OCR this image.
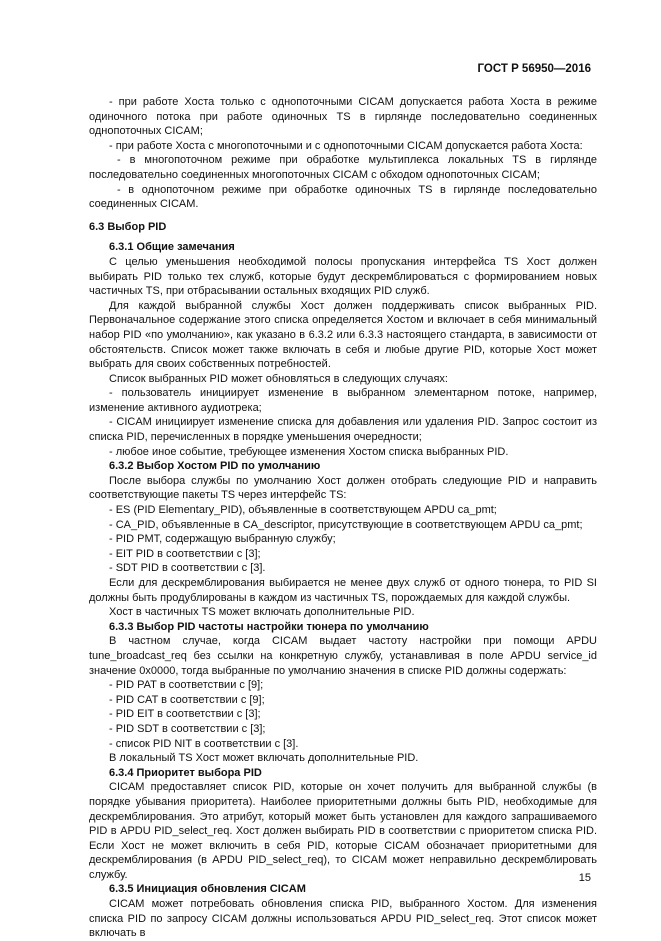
ГОСТ Р 56950—2016

- при работе Хоста только с однопоточными CICAM допускается работа Хоста в режиме одиночного потока при работе одиночных TS в гирлянде последовательно соединенных однопоточных CICAM;

- при работе Хоста с многопоточными и с однопоточными CICAM допускается работа Хоста:

- в многопоточном режиме при обработке мультиплекса локальных TS в гирлянде последовательно соединенных многопоточных CICAM с обходом однопоточных CICAM;

- в однопоточном режиме при обработке одиночных TS в гирлянде последовательно соединенных CICAM.

6.3 Выбор PID

6.3.1 Общие замечания

С целью уменьшения необходимой полосы пропускания интерфейса TS Хост должен выбирать PID только тех служб, которые будут дескремблироваться с формированием новых частичных TS, при отбрасывании остальных входящих PID служб.

Для каждой выбранной службы Хост должен поддерживать список выбранных PID. Первоначальное содержание этого списка определяется Хостом и включает в себя минимальный набор PID «по умолчанию», как указано в 6.3.2 или 6.3.3 настоящего стандарта, в зависимости от обстоятельств. Список может также включать в себя и любые другие PID, которые Хост может выбрать для своих собственных потребностей.

Список выбранных PID может обновляться в следующих случаях:

- пользователь инициирует изменение в выбранном элементарном потоке, например, изменение активного аудиотрека;

- CICAM инициирует изменение списка для добавления или удаления PID. Запрос состоит из списка PID, перечисленных в порядке уменьшения очередности;

- любое иное событие, требующее изменения Хостом списка выбранных PID.

6.3.2 Выбор Хостом PID по умолчанию

После выбора службы по умолчанию Хост должен отобрать следующие PID и направить соответствующие пакеты TS через интерфейс TS:

- ES (PID Elementary_PID), объявленные в соответствующем APDU ca_pmt;

- CA_PID, объявленные в CA_descriptor, присутствующие в соответствующем APDU ca_pmt;

- PID PMT, содержащую выбранную службу;

- EIT PID в соответствии с [3];

- SDT PID в соответствии с [3].

Если для дескремблирования выбирается не менее двух служб от одного тюнера, то PID SI должны быть продублированы в каждом из частичных TS, порождаемых для каждой службы.

Хост в частичных TS может включать дополнительные PID.

6.3.3 Выбор PID частоты настройки тюнера по умолчанию

В частном случае, когда CICAM выдает частоту настройки при помощи APDU tune_broadcast_req без ссылки на конкретную службу, устанавливая в поле APDU service_id значение 0x0000, тогда выбранные по умолчанию значения в списке PID должны содержать:

- PID PAT в соответствии с [9];

- PID CAT в соответствии с [9];

- PID EIT в соответствии с [3];

- PID SDT в соответствии с [3];

- список PID NIT в соответствии с [3].

В локальный TS Хост может включать дополнительные PID.

6.3.4 Приоритет выбора PID

CICAM предоставляет список PID, которые он хочет получить для выбранной службы (в порядке убывания приоритета). Наиболее приоритетными должны быть PID, необходимые для дескремблирования. Это атрибут, который может быть установлен для каждого запрашиваемого PID в APDU PID_select_req. Хост должен выбирать PID в соответствии с приоритетом списка PID. Если Хост не может включить в себя PID, которые CICAM обозначает приоритетными для дескремблирования (в APDU PID_select_req), то CICAM может неправильно дескремблировать службу.

6.3.5 Инициация обновления CICAM

CICAM может потребовать обновления списка PID, выбранного Хостом. Для изменения списка PID по запросу CICAM должны использоваться APDU PID_select_req. Этот список может включать в

15
